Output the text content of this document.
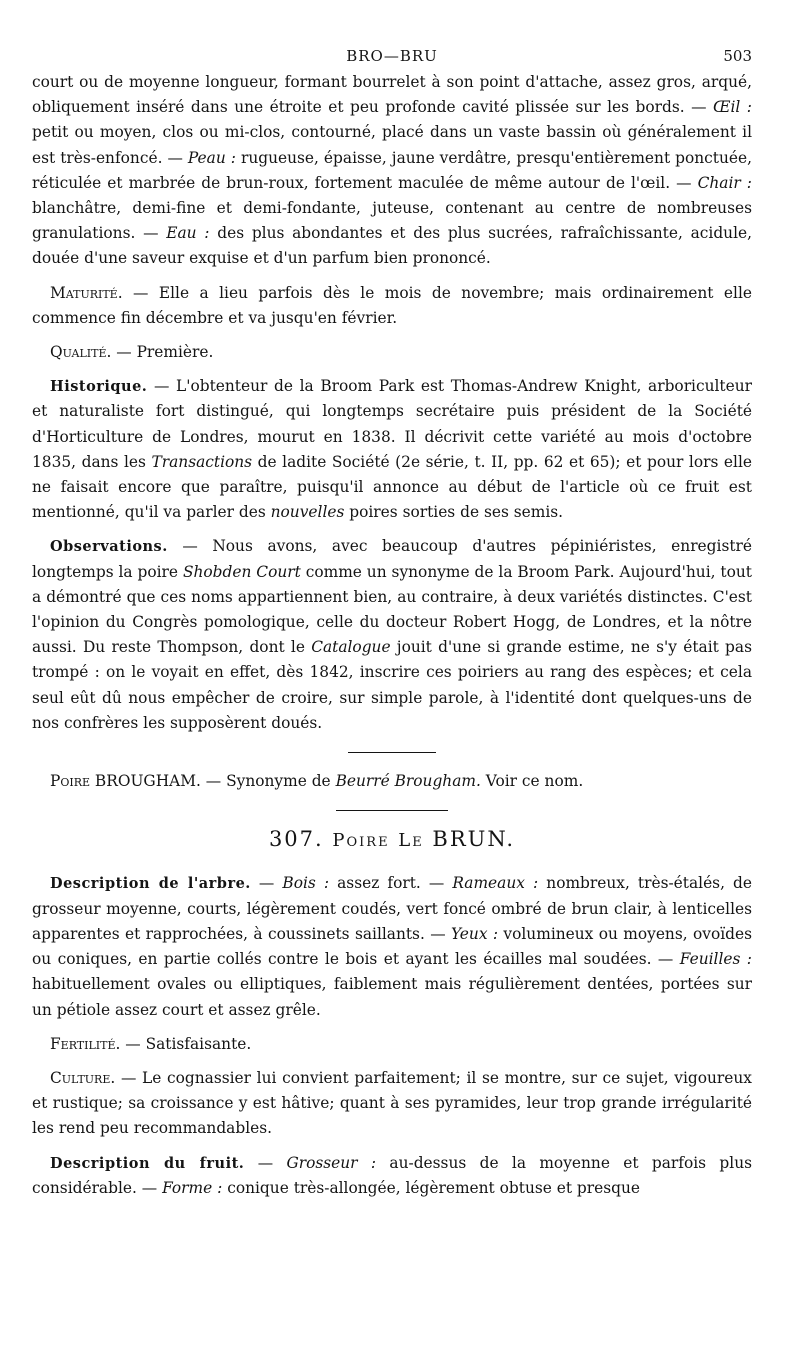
BRO—BRU	503

court ou de moyenne longueur, formant bourrelet à son point d'attache, assez gros, arqué, obliquement inséré dans une étroite et peu profonde cavité plissée sur les bords. — Œil : petit ou moyen, clos ou mi-clos, contourné, placé dans un vaste bassin où généralement il est très-enfoncé. — Peau : rugueuse, épaisse, jaune verdâtre, presqu'entièrement ponctuée, réticulée et marbrée de brun-roux, fortement maculée de même autour de l'œil. — Chair : blanchâtre, demi-fine et demi-fondante, juteuse, contenant au centre de nombreuses granulations. — Eau : des plus abondantes et des plus sucrées, rafraîchissante, acidule, douée d'une saveur exquise et d'un parfum bien prononcé.

Maturité. — Elle a lieu parfois dès le mois de novembre; mais ordinairement elle commence fin décembre et va jusqu'en février.

Qualité. — Première.

Historique. — L'obtenteur de la Broom Park est Thomas-Andrew Knight, arboriculteur et naturaliste fort distingué, qui longtemps secrétaire puis président de la Société d'Horticulture de Londres, mourut en 1838. Il décrivit cette variété au mois d'octobre 1835, dans les Transactions de ladite Société (2e série, t. II, pp. 62 et 65); et pour lors elle ne faisait encore que paraître, puisqu'il annonce au début de l'article où ce fruit est mentionné, qu'il va parler des nouvelles poires sorties de ses semis.

Observations. — Nous avons, avec beaucoup d'autres pépiniéristes, enregistré longtemps la poire Shobden Court comme un synonyme de la Broom Park. Aujourd'hui, tout a démontré que ces noms appartiennent bien, au contraire, à deux variétés distinctes. C'est l'opinion du Congrès pomologique, celle du docteur Robert Hogg, de Londres, et la nôtre aussi. Du reste Thompson, dont le Catalogue jouit d'une si grande estime, ne s'y était pas trompé : on le voyait en effet, dès 1842, inscrire ces poiriers au rang des espèces; et cela seul eût dû nous empêcher de croire, sur simple parole, à l'identité dont quelques-uns de nos confrères les supposèrent doués.

Poire BROUGHAM. — Synonyme de Beurré Brougham. Voir ce nom.

307. Poire Le BRUN.

Description de l'arbre. — Bois : assez fort. — Rameaux : nombreux, très-étalés, de grosseur moyenne, courts, légèrement coudés, vert foncé ombré de brun clair, à lenticelles apparentes et rapprochées, à coussinets saillants. — Yeux : volumineux ou moyens, ovoïdes ou coniques, en partie collés contre le bois et ayant les écailles mal soudées. — Feuilles : habituellement ovales ou elliptiques, faiblement mais régulièrement dentées, portées sur un pétiole assez court et assez grêle.

Fertilité. — Satisfaisante.

Culture. — Le cognassier lui convient parfaitement; il se montre, sur ce sujet, vigoureux et rustique; sa croissance y est hâtive; quant à ses pyramides, leur trop grande irrégularité les rend peu recommandables.

Description du fruit. — Grosseur : au-dessus de la moyenne et parfois plus considérable. — Forme : conique très-allongée, légèrement obtuse et presque
